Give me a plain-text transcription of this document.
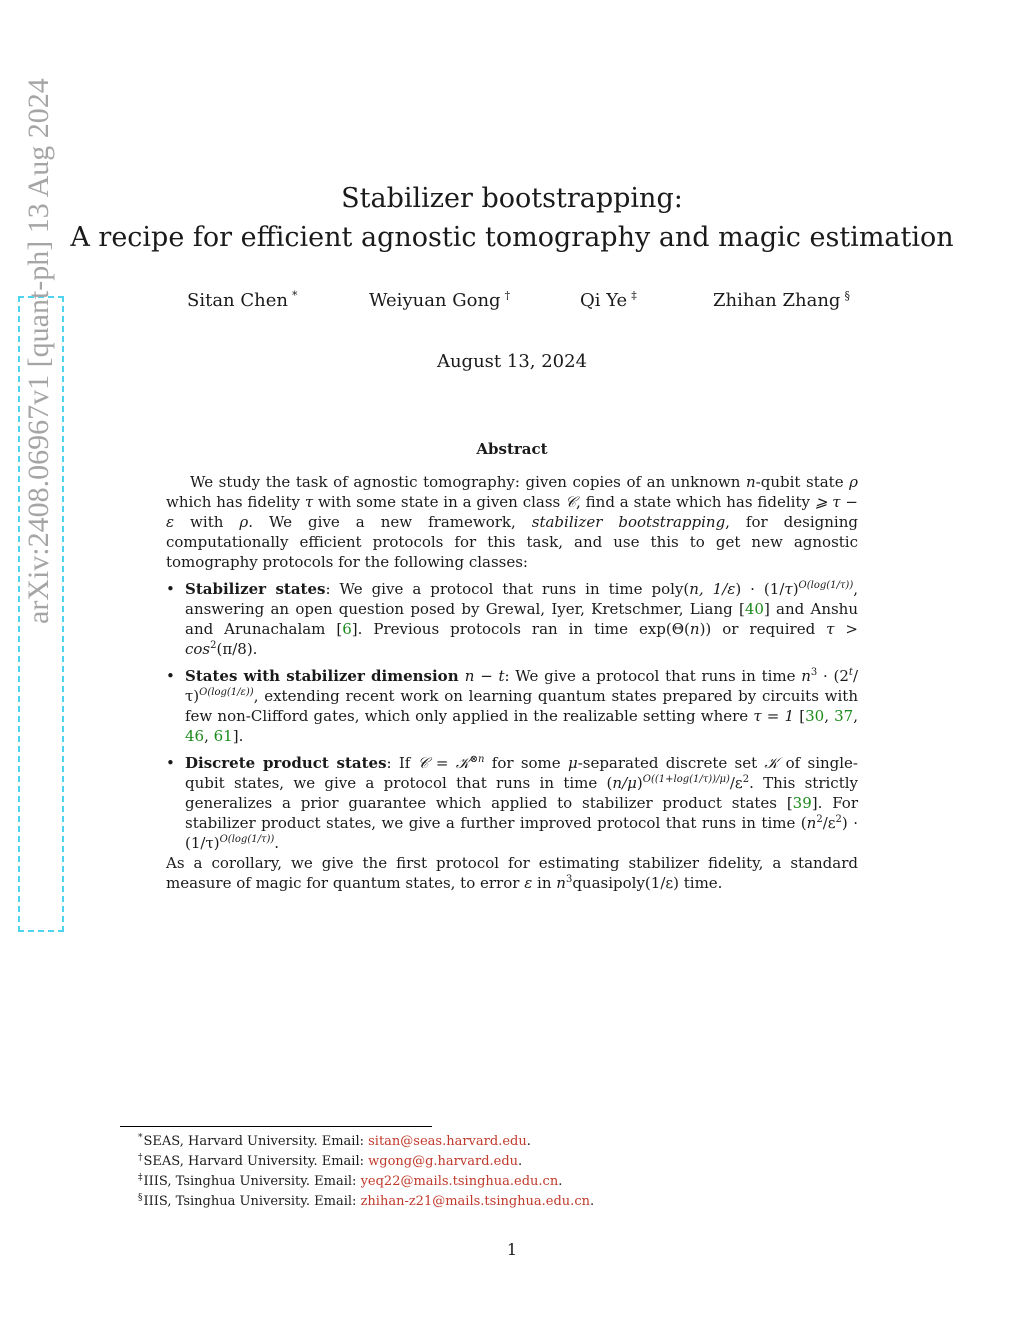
arXiv:2408.06967v1 [quant-ph] 13 Aug 2024	Stabilizer bootstrapping:
A recipe for efficient agnostic tomography and magic estimation
Sitan Chen *	Weiyuan Gong †	Qi Ye ‡	Zhihan Zhang §
August 13, 2024
Abstract

We study the task of agnostic tomography: given copies of an unknown n-qubit state ρ which has fidelity τ with some state in a given class 𝒞, find a state which has fidelity ⩾ τ − ε with ρ. We give a new framework, stabilizer bootstrapping, for designing computationally efficient protocols for this task, and use this to get new agnostic tomography protocols for the following classes:

• Stabilizer states: We give a protocol that runs in time poly(n, $1/\varepsilon) \cdot (1/\tau)^{O(log(1/\tau))}$, answering an open question posed by Grewal, Iyer, Kretschmer, Liang [40] and Anshu and Arunachalam [6]. Previous protocols ran in time exp(Θ(n)) or required $\tau > \cos^2(\pi/8)$.
• States with stabilizer dimension n − t: We give a protocol that runs in time $n^3 \cdot (2^t/\tau)^{O(log(1/\varepsilon))}$, extending recent work on learning quantum states prepared by circuits with few non-Clifford gates, which only applied in the realizable setting where τ = 1 [30, 37, 46, 61].
• Discrete product states: If 𝒞 = 𝒦$^{\otimes n}$ for some μ-separated discrete set 𝒦 of single-qubit states, we give a protocol that runs in time $(n/\mu)^{O((1+log(1/\tau))/\mu)}/\varepsilon^2$. This strictly generalizes a prior guarantee which applied to stabilizer product states [39]. For stabilizer product states, we give a further improved protocol that runs in time $(n^2/\varepsilon^2) \cdot (1/\tau)^{O(log(1/\tau))}$.

As a corollary, we give the first protocol for estimating stabilizer fidelity, a standard measure of magic for quantum states, to error ε in $n^3quasipoly(1/\varepsilon)$ time.

*SEAS, Harvard University. Email: sitan@seas.harvard.edu.
†SEAS, Harvard University. Email: wgong@g.harvard.edu.
‡IIIS, Tsinghua University. Email: yeq22@mails.tsinghua.edu.cn.
§IIIS, Tsinghua University. Email: zhihan-z21@mails.tsinghua.edu.cn.
1
